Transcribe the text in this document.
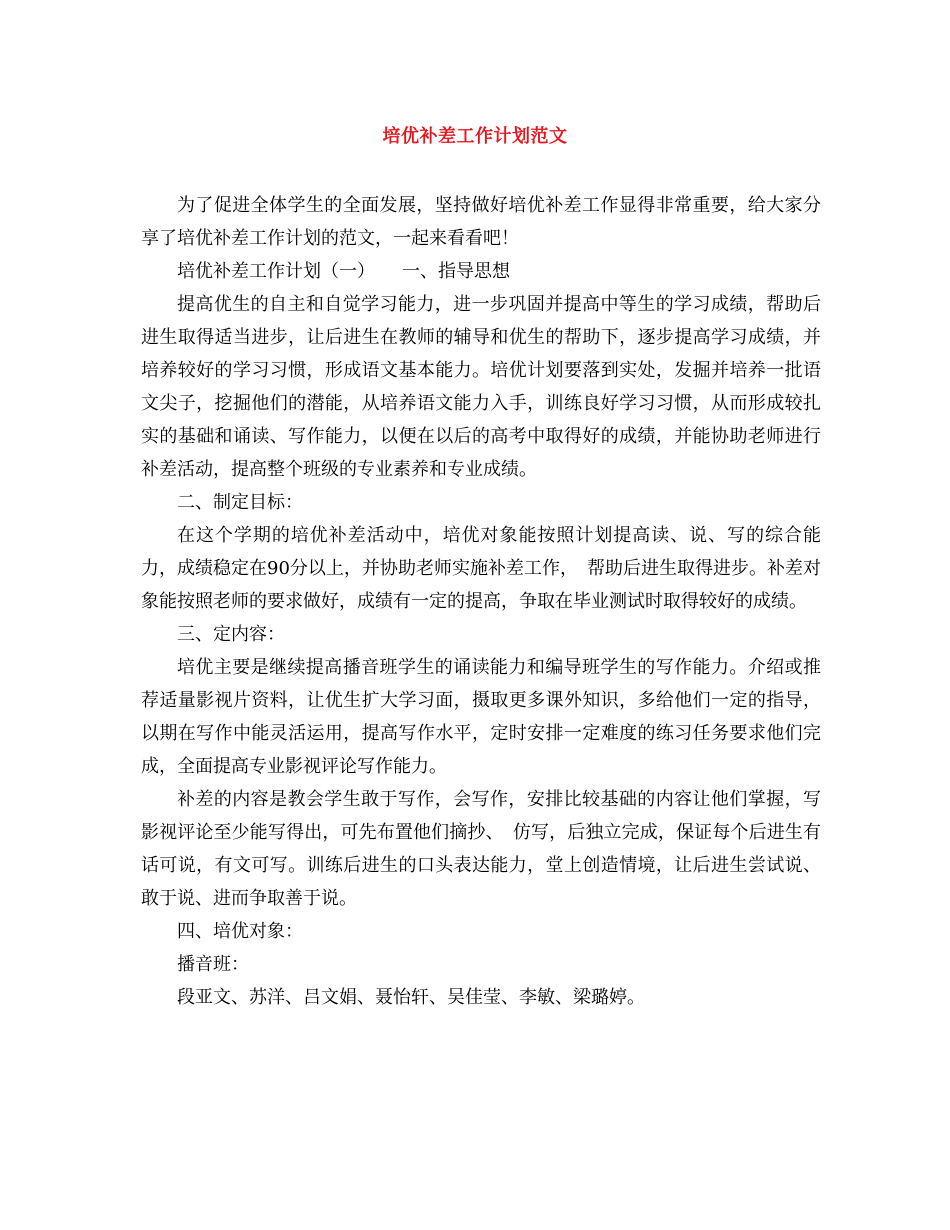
培优补差工作计划范文

为了促进全体学生的全面发展，坚持做好培优补差工作显得非常重要，给大家分享了培优补差工作计划的范文，一起来看看吧！

培优补差工作计划（一）　　一、指导思想

提高优生的自主和自觉学习能力，进一步巩固并提高中等生的学习成绩，帮助后进生取得适当进步，让后进生在教师的辅导和优生的帮助下，逐步提高学习成绩，并培养较好的学习习惯，形成语文基本能力。培优计划要落到实处，发掘并培养一批语文尖子，挖掘他们的潜能，从培养语文能力入手，训练良好学习习惯，从而形成较扎实的基础和诵读、写作能力，以便在以后的高考中取得好的成绩，并能协助老师进行补差活动，提高整个班级的专业素养和专业成绩。

二、制定目标：

在这个学期的培优补差活动中，培优对象能按照计划提高读、说、写的综合能力，成绩稳定在90分以上，并协助老师实施补差工作，　帮助后进生取得进步。补差对象能按照老师的要求做好，成绩有一定的提高，争取在毕业测试时取得较好的成绩。

三、定内容：

培优主要是继续提高播音班学生的诵读能力和编导班学生的写作能力。介绍或推荐适量影视片资料，让优生扩大学习面，摄取更多课外知识，多给他们一定的指导，以期在写作中能灵活运用，提高写作水平，定时安排一定难度的练习任务要求他们完成，全面提高专业影视评论写作能力。

补差的内容是教会学生敢于写作，会写作，安排比较基础的内容让他们掌握，写影视评论至少能写得出，可先布置他们摘抄、　仿写，后独立完成，保证每个后进生有话可说，有文可写。训练后进生的口头表达能力，堂上创造情境，让后进生尝试说、敢于说、进而争取善于说。

四、培优对象：

播音班：

段亚文、苏洋、吕文娟、聂怡轩、吴佳莹、李敏、梁璐婷。
